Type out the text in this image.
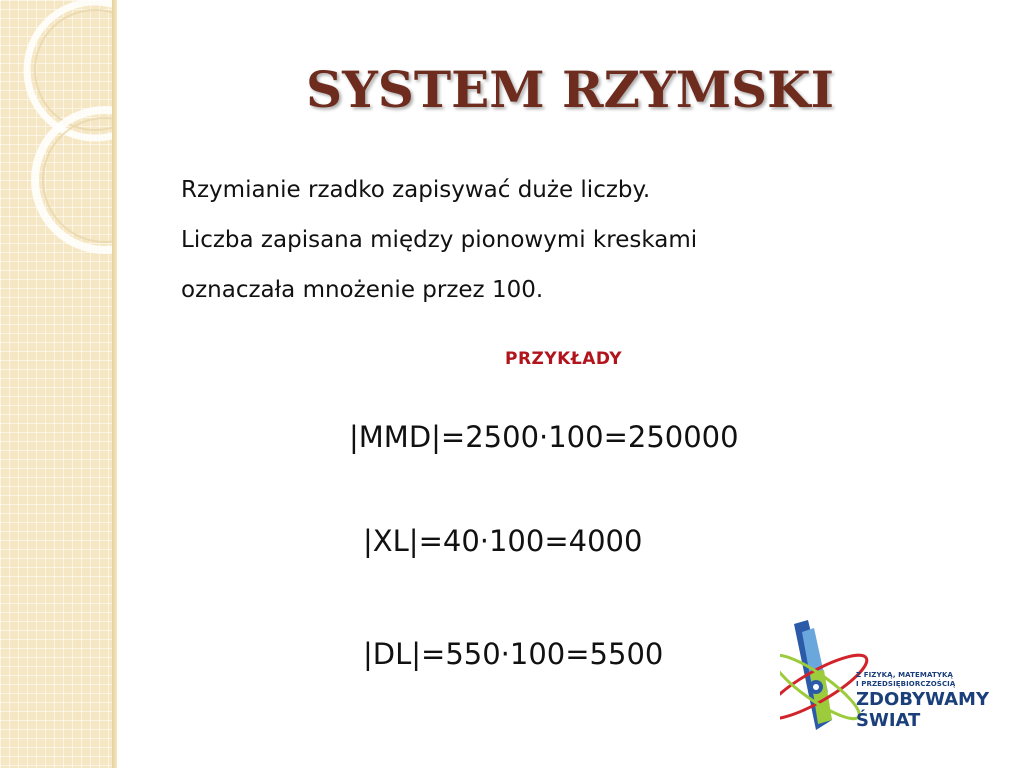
SYSTEM RZYMSKI
Rzymianie rzadko zapisywać duże liczby.
Liczba zapisana między pionowymi kreskami
oznaczała mnożenie przez 100.
PRZYKŁADY
|MMD|=2500·100=250000
|XL|=40·100=4000
|DL|=550·100=5500
Z FIZYKĄ, MATEMATYKĄ
I PRZEDSIĘBIORCZOŚCIĄ
ZDOBYWAMY
ŚWIAT
